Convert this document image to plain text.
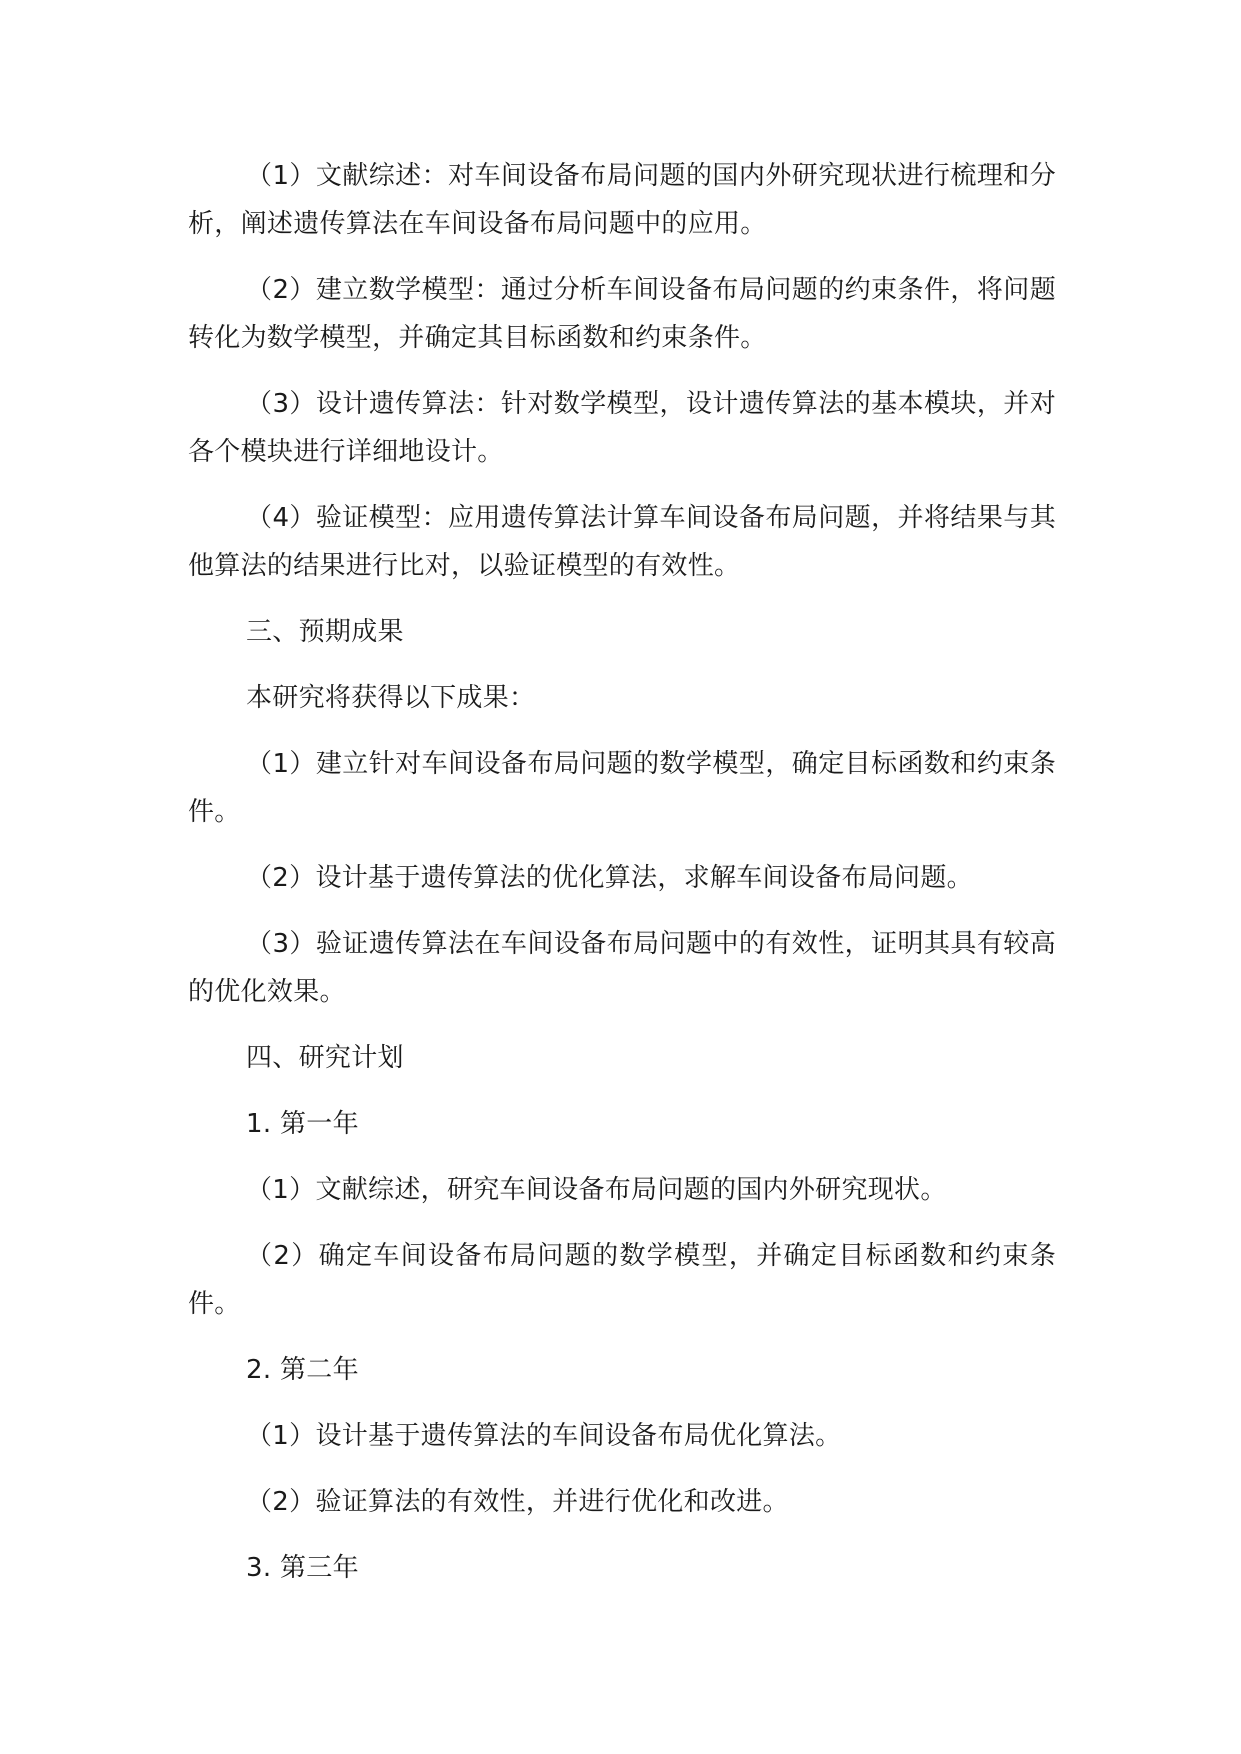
（1）文献综述：对车间设备布局问题的国内外研究现状进行梳理和分析，阐述遗传算法在车间设备布局问题中的应用。

（2）建立数学模型：通过分析车间设备布局问题的约束条件，将问题转化为数学模型，并确定其目标函数和约束条件。

（3）设计遗传算法：针对数学模型，设计遗传算法的基本模块，并对各个模块进行详细地设计。

（4）验证模型：应用遗传算法计算车间设备布局问题，并将结果与其他算法的结果进行比对，以验证模型的有效性。

三、预期成果

本研究将获得以下成果：

（1）建立针对车间设备布局问题的数学模型，确定目标函数和约束条件。

（2）设计基于遗传算法的优化算法，求解车间设备布局问题。

（3）验证遗传算法在车间设备布局问题中的有效性，证明其具有较高的优化效果。

四、研究计划

1. 第一年

（1）文献综述，研究车间设备布局问题的国内外研究现状。

（2）确定车间设备布局问题的数学模型，并确定目标函数和约束条件。

2. 第二年

（1）设计基于遗传算法的车间设备布局优化算法。

（2）验证算法的有效性，并进行优化和改进。

3. 第三年
